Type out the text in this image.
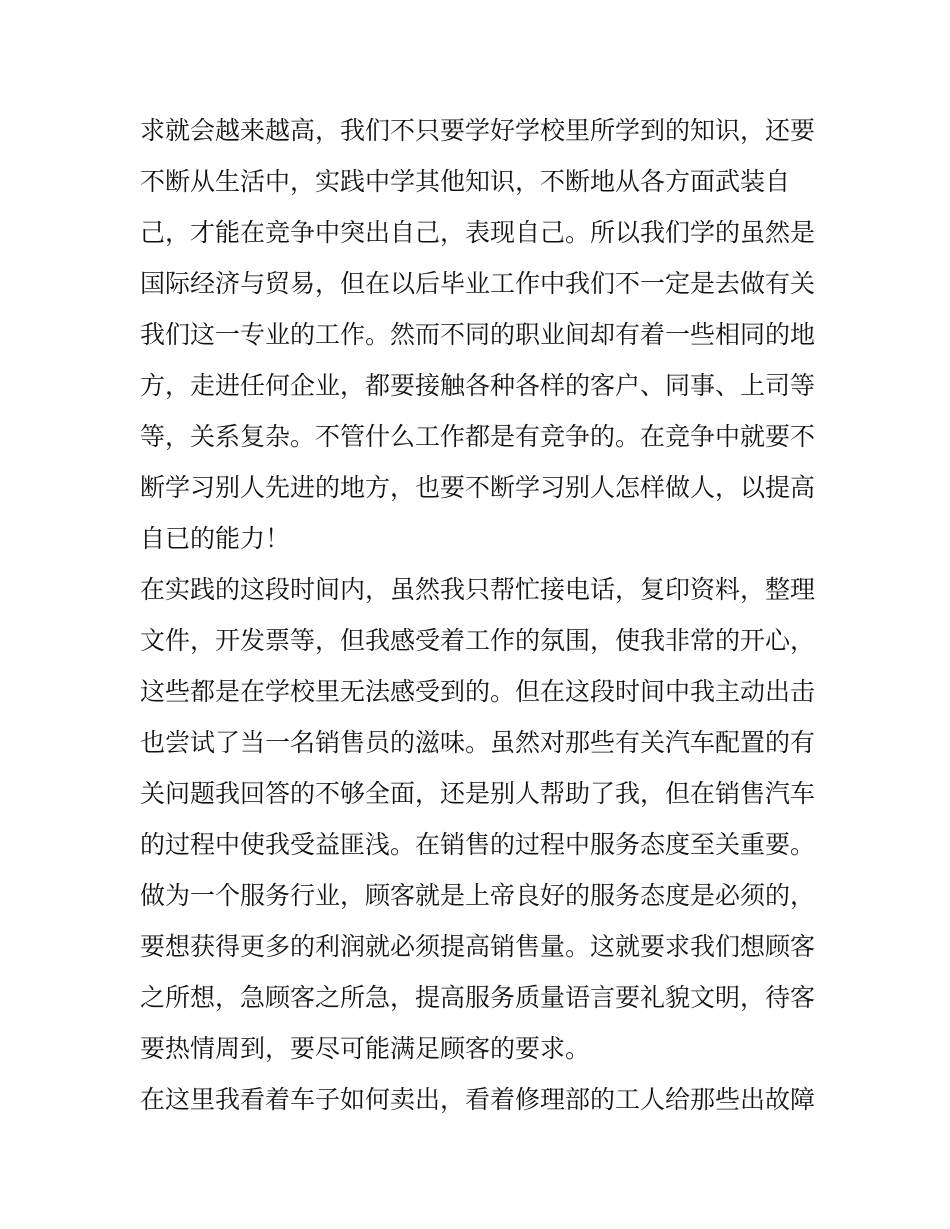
求就会越来越高，我们不只要学好学校里所学到的知识，还要
不断从生活中，实践中学其他知识，不断地从各方面武装自
己，才能在竞争中突出自己，表现自己。所以我们学的虽然是
国际经济与贸易，但在以后毕业工作中我们不一定是去做有关
我们这一专业的工作。然而不同的职业间却有着一些相同的地
方，走进任何企业，都要接触各种各样的客户、同事、上司等
等，关系复杂。不管什么工作都是有竞争的。在竞争中就要不
断学习别人先进的地方，也要不断学习别人怎样做人，以提高
自已的能力！
在实践的这段时间内，虽然我只帮忙接电话，复印资料，整理
文件，开发票等，但我感受着工作的氛围，使我非常的开心，
这些都是在学校里无法感受到的。但在这段时间中我主动出击
也尝试了当一名销售员的滋味。虽然对那些有关汽车配置的有
关问题我回答的不够全面，还是别人帮助了我，但在销售汽车
的过程中使我受益匪浅。在销售的过程中服务态度至关重要。
做为一个服务行业，顾客就是上帝良好的服务态度是必须的，
要想获得更多的利润就必须提高销售量。这就要求我们想顾客
之所想，急顾客之所急，提高服务质量语言要礼貌文明，待客
要热情周到，要尽可能满足顾客的要求。
在这里我看着车子如何卖出，看着修理部的工人给那些出故障
